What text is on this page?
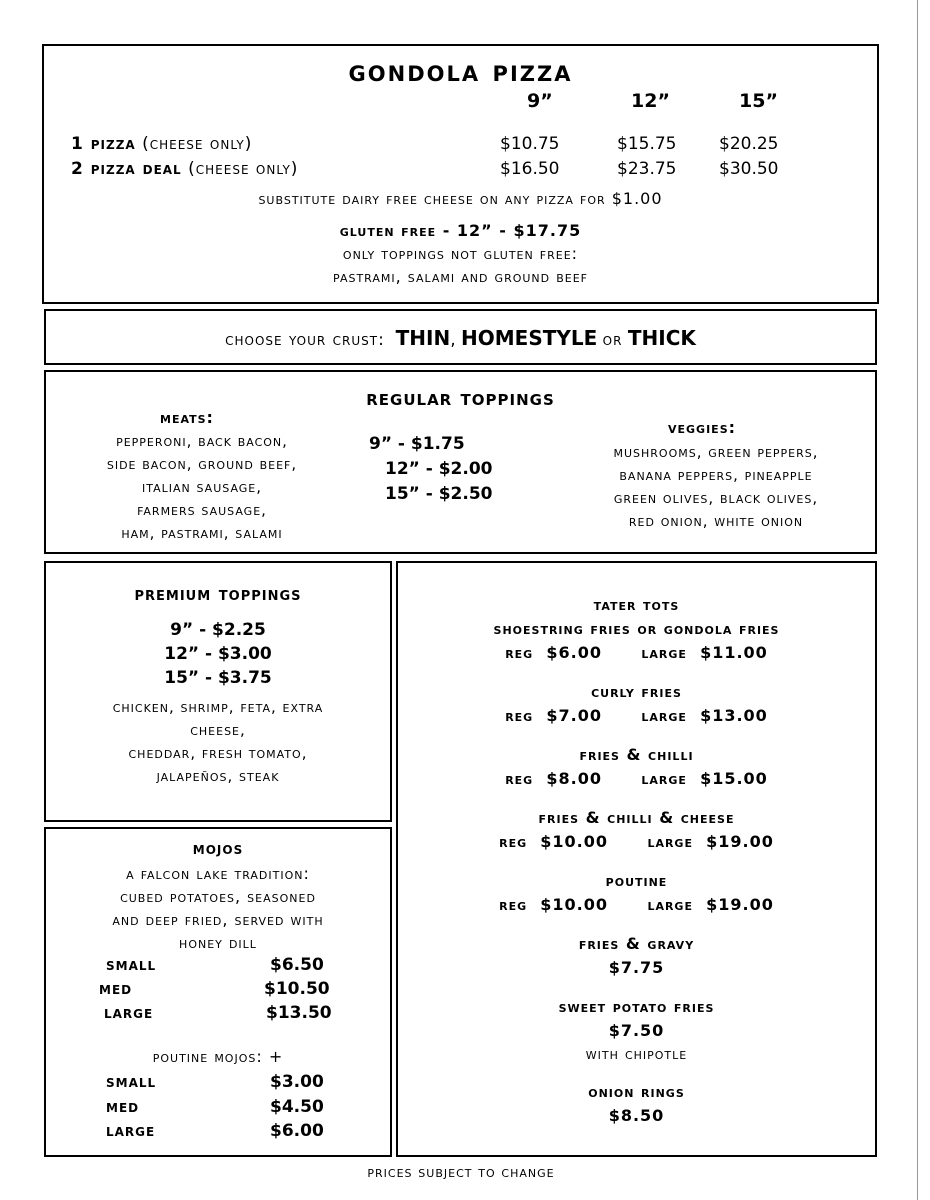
gondola pizza
9”	12”	15”
1 pizza (cheese only)	$10.75	$15.75	$20.25
2 pizza deal (cheese only)	$16.50	$23.75	$30.50
substitute dairy free cheese on any pizza for $1.00
gluten free - 12” - $17.75
only toppings not gluten free:
pastrami, salami and ground beef
choose your crust: THIN, HOMESTYLE or THICK
regular toppings
meats:
pepperoni, back bacon,
side bacon, ground beef,
italian sausage,
farmers sausage,
ham, pastrami, salami
9” - $1.75
12” - $2.00
15” - $2.50
veggies:
mushrooms, green peppers,
banana peppers, pineapple
green olives, black olives,
red onion, white onion
premium toppings
9” - $2.25
12” - $3.00
15” - $3.75
chicken, shrimp, feta, extra
cheese,
cheddar, fresh tomato,
jalapeños, steak
mojos
a falcon lake tradition:
cubed potatoes, seasoned
and deep fried, served with
honey dill
small	$6.50
med	$10.50
large	$13.50
poutine mojos: +
small	$3.00
med	$4.50
large	$6.00
tater tots
shoestring fries or gondola fries
reg $6.00 large $11.00
curly fries
reg $7.00 large $13.00
fries & chilli
reg $8.00 large $15.00
fries & chilli & cheese
reg $10.00 large $19.00
poutine
reg $10.00 large $19.00
fries & gravy
$7.75
sweet potato fries
$7.50
with chipotle
onion rings
$8.50
prices subject to change
